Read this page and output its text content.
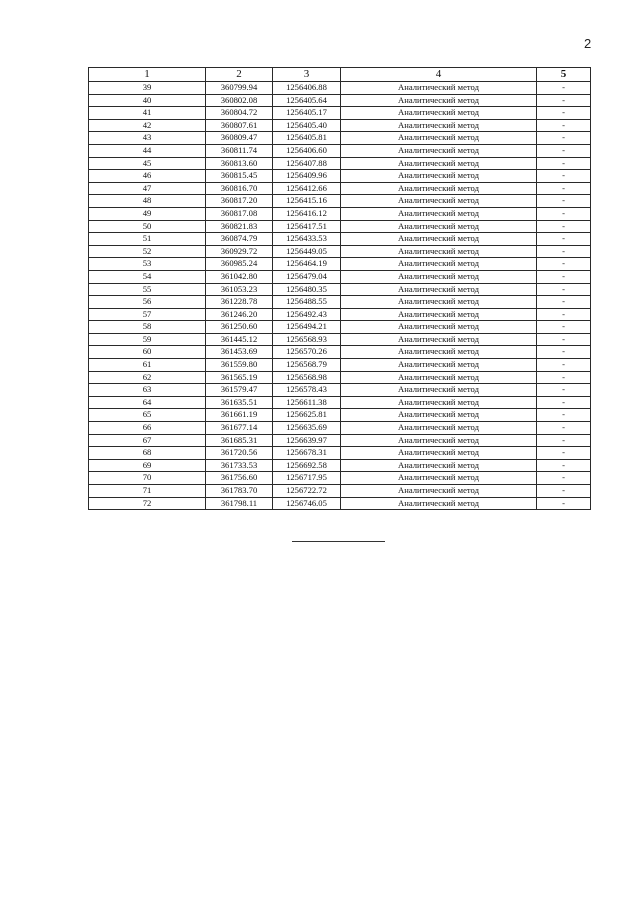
2
1	2	3	4	5
39	360799.94	1256406.88	Аналитический метод	-
40	360802.08	1256405.64	Аналитический метод	-
41	360804.72	1256405.17	Аналитический метод	-
42	360807.61	1256405.40	Аналитический метод	-
43	360809.47	1256405.81	Аналитический метод	-
44	360811.74	1256406.60	Аналитический метод	-
45	360813.60	1256407.88	Аналитический метод	-
46	360815.45	1256409.96	Аналитический метод	-
47	360816.70	1256412.66	Аналитический метод	-
48	360817.20	1256415.16	Аналитический метод	-
49	360817.08	1256416.12	Аналитический метод	-
50	360821.83	1256417.51	Аналитический метод	-
51	360874.79	1256433.53	Аналитический метод	-
52	360929.72	1256449.05	Аналитический метод	-
53	360985.24	1256464.19	Аналитический метод	-
54	361042.80	1256479.04	Аналитический метод	-
55	361053.23	1256480.35	Аналитический метод	-
56	361228.78	1256488.55	Аналитический метод	-
57	361246.20	1256492.43	Аналитический метод	-
58	361250.60	1256494.21	Аналитический метод	-
59	361445.12	1256568.93	Аналитический метод	-
60	361453.69	1256570.26	Аналитический метод	-
61	361559.80	1256568.79	Аналитический метод	-
62	361565.19	1256568.98	Аналитический метод	-
63	361579.47	1256578.43	Аналитический метод	-
64	361635.51	1256611.38	Аналитический метод	-
65	361661.19	1256625.81	Аналитический метод	-
66	361677.14	1256635.69	Аналитический метод	-
67	361685.31	1256639.97	Аналитический метод	-
68	361720.56	1256678.31	Аналитический метод	-
69	361733.53	1256692.58	Аналитический метод	-
70	361756.60	1256717.95	Аналитический метод	-
71	361783.70	1256722.72	Аналитический метод	-
72	361798.11	1256746.05	Аналитический метод	-
